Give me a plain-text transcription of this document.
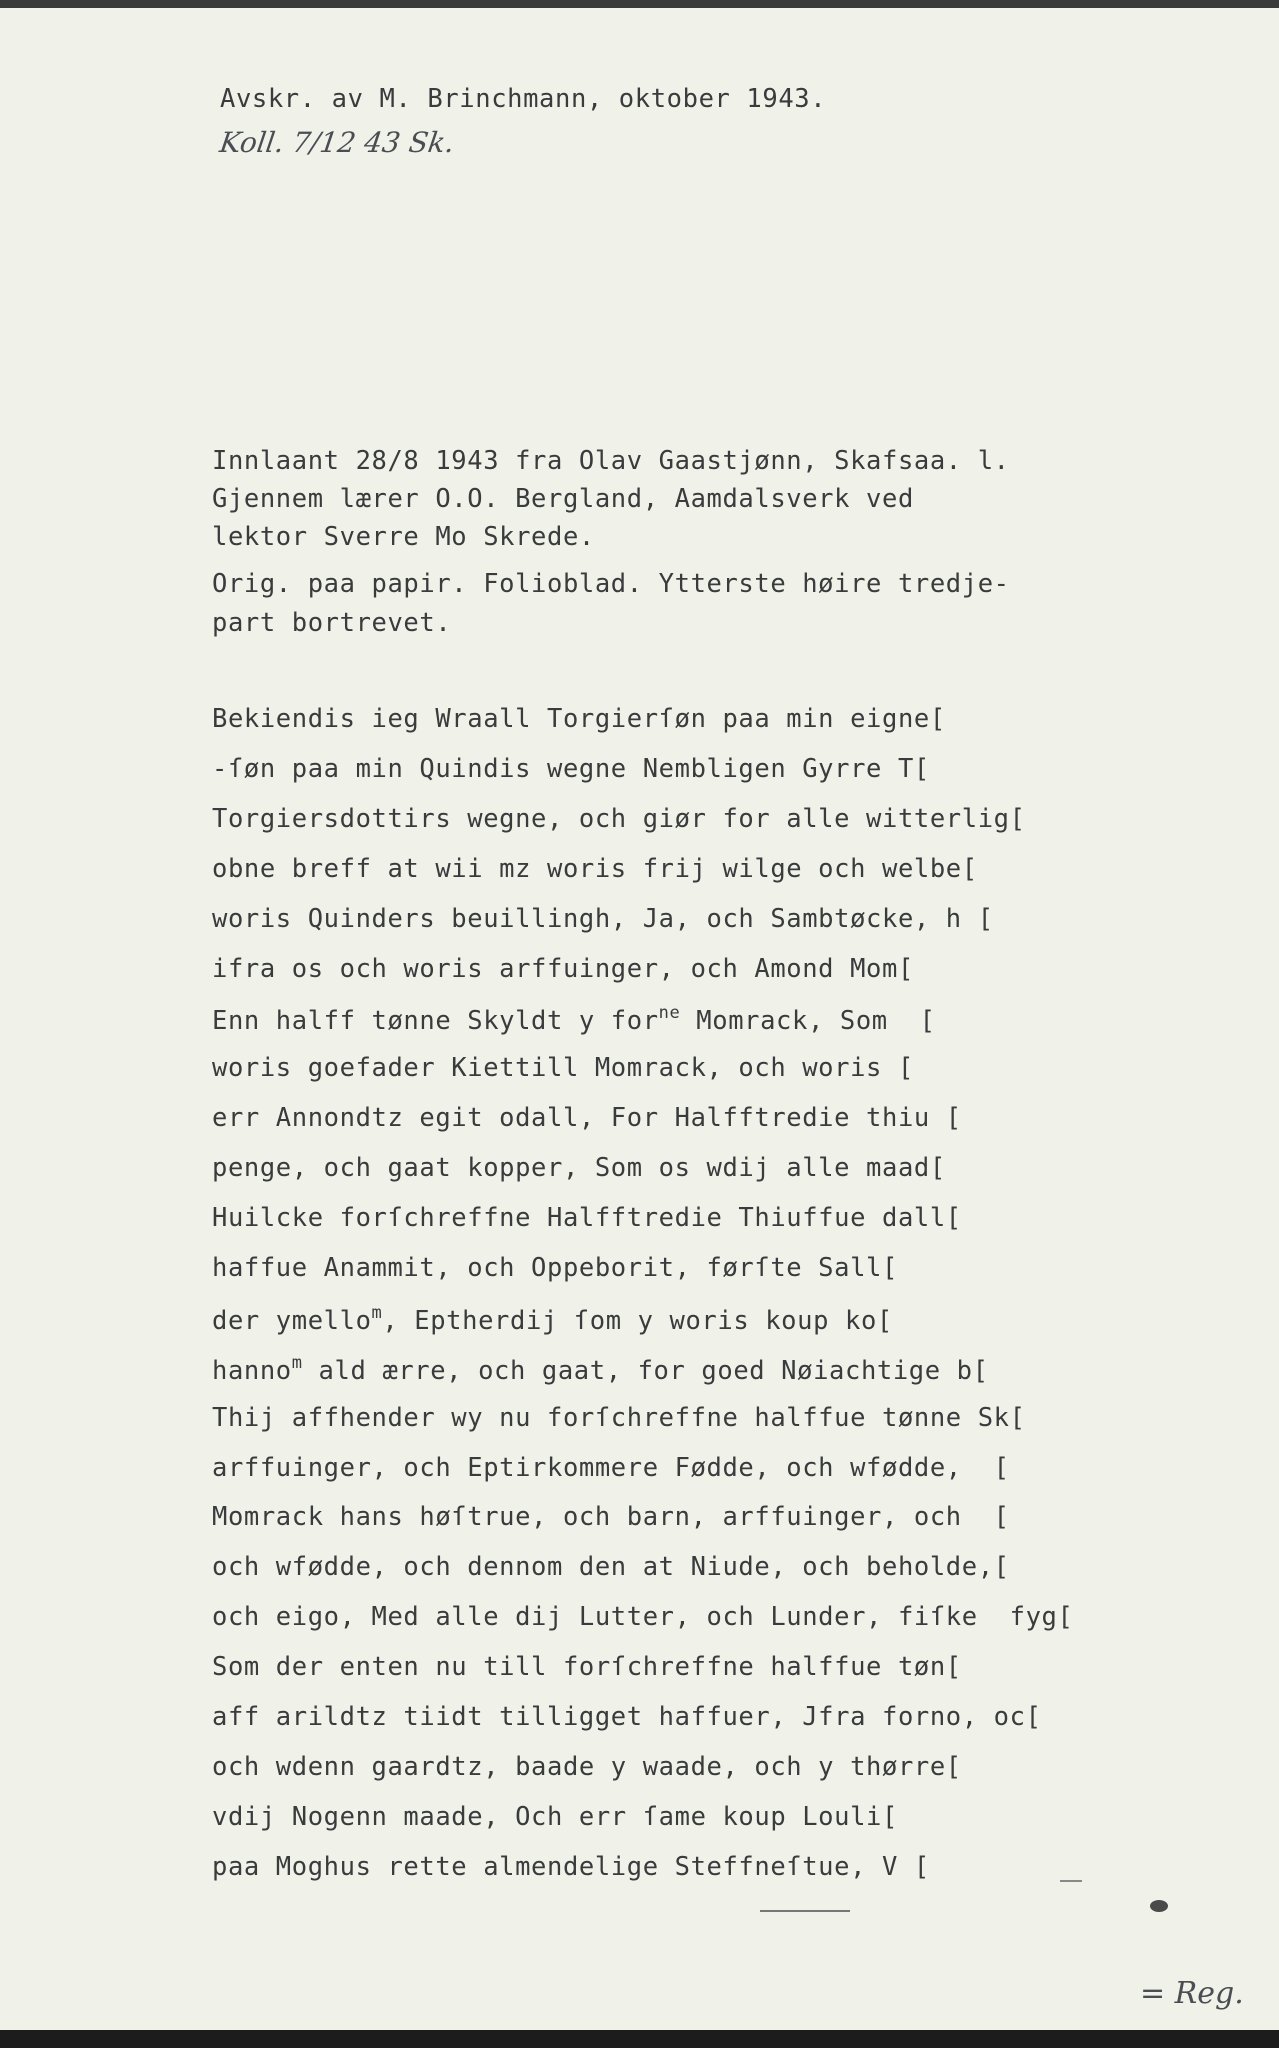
Avskr. av M. Brinchmann, oktober 1943.

Koll. 7/12 43 Sk.

Innlaant 28/8 1943 fra Olav Gaastjønn, Skafsaa. l.

Gjennem lærer O.O. Bergland, Aamdalsverk ved

lektor Sverre Mo Skrede.

Orig. paa papir. Folioblad. Ytterste høire tredje-

part bortrevet.

Bekiendis ieg Wraall Torgierſøn paa min eigne[

-ſøn paa min Quindis wegne Nembligen Gyrre T[

Torgiersdottirs wegne, och giør for alle witterlig[

obne breff at wii mz woris frij wilge och welbe[

woris Quinders beuillingh, Ja, och Sambtøcke, h [

ifra os och woris arffuinger, och Amond Mom[

Enn halff tønne Skyldt y for$^{ne}$ Momrack, Som  [

woris goefader Kiettill Momrack, och woris [

err Annondtz egit odall, For Halfftredie thiu [

penge, och gaat kopper, Som os wdij alle maad[

Huilcke forſchreffne Halfftredie Thiuffue dall[

haffue Anammit, och Oppeborit, førſte Sall[

der ymello$^m$, Eptherdij ſom y woris koup ko[

hanno$^m$ ald ærre, och gaat, for goed Nøiachtige b[

Thij affhender wy nu forſchreffne halffue tønne Sk[

arffuinger, och Eptirkommere Fødde, och wfødde,  [

Momrack hans høſtrue, och barn, arffuinger, och  [

och wfødde, och dennom den at Niude, och beholde,[

och eigo, Med alle dij Lutter, och Lunder, fiſke  fyg[

Som der enten nu till forſchreffne halffue tøn[

aff arildtz tiidt tilligget haffuer, Jfra forno, oc[

och wdenn gaardtz, baade y waade, och y thørre[

vdij Nogenn maade, Och err ſame koup Louli[

paa Moghus rette almendelige Steffneſtue, V [

= Reg.
